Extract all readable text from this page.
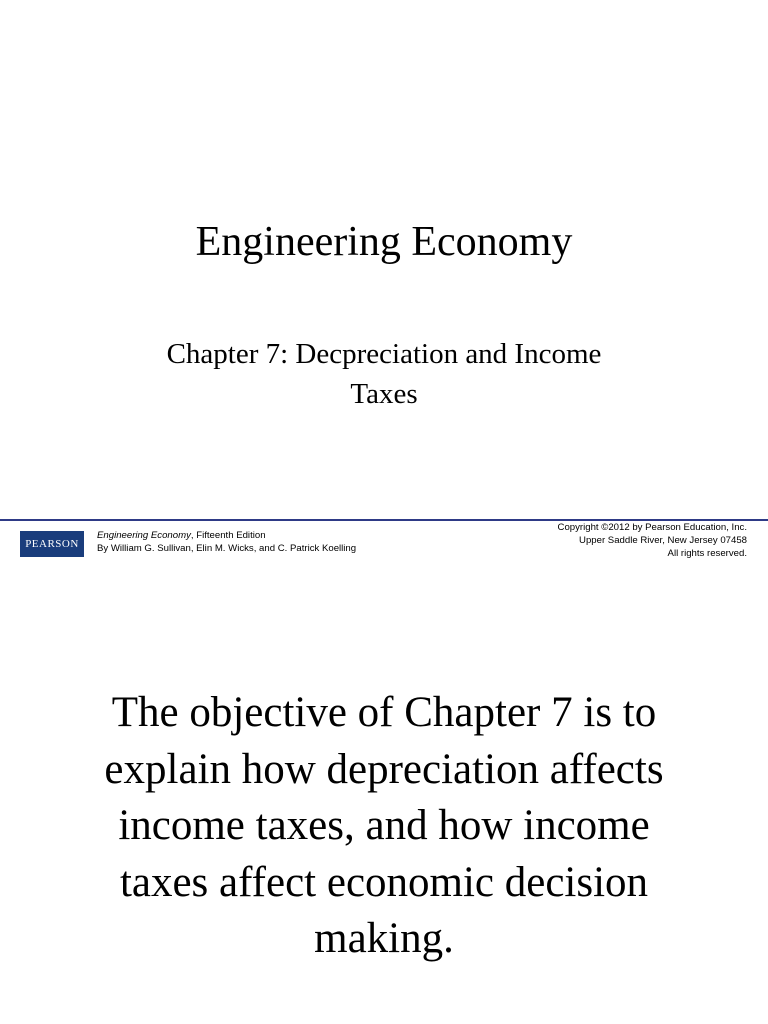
Engineering Economy
Chapter 7: Decpreciation and Income
Taxes
PEARSON
Engineering Economy, Fifteenth Edition
By William G. Sullivan, Elin M. Wicks, and C. Patrick Koelling
Copyright ©2012 by Pearson Education, Inc.
Upper Saddle River, New Jersey 07458
All rights reserved.
The objective of Chapter 7 is to
explain how depreciation affects
income taxes, and how income
taxes affect economic decision
making.
